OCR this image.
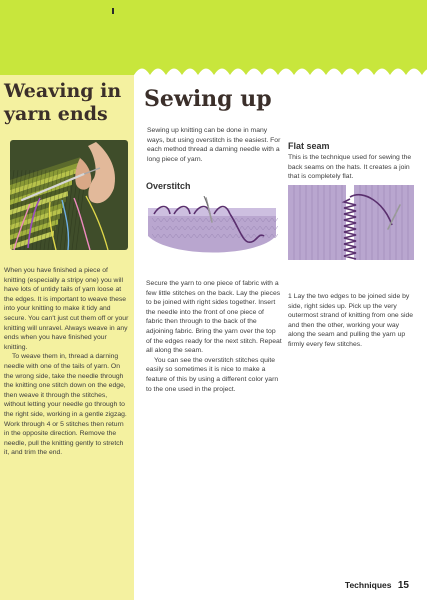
Weaving in yarn ends

When you have finished a piece of knitting (especially a stripy one) you will have lots of untidy tails of yarn loose at the edges. It is important to weave these into your knitting to make it tidy and secure. You can't just cut them off or your knitting will unravel. Always weave in any ends when you have finished your knitting.

To weave them in, thread a darning needle with one of the tails of yarn. On the wrong side, take the needle through the knitting one stitch down on the edge, then weave it through the stitches, without letting your needle go through to the right side, working in a gentle zigzag. Work through 4 or 5 stitches then return in the opposite direction. Remove the needle, pull the knitting gently to stretch it, and trim the end.

Sewing up

Sewing up knitting can be done in many ways, but using overstitch is the easiest. For each method thread a darning needle with a long piece of yarn.

Overstitch

Secure the yarn to one piece of fabric with a few little stitches on the back. Lay the pieces to be joined with right sides together. Insert the needle into the front of one piece of fabric then through to the back of the adjoining fabric. Bring the yarn over the top of the edges ready for the next stitch. Repeat all along the seam.

You can see the overstitch stitches quite easily so sometimes it is nice to make a feature of this by using a different color yarn to the one used in the project.

Flat seam

This is the technique used for sewing the back seams on the hats. It creates a join that is completely flat.

1 Lay the two edges to be joined side by side, right sides up. Pick up the very outermost strand of knitting from one side and then the other, working your way along the seam and pulling the yarn up firmly every few stitches.

Techniques 15
